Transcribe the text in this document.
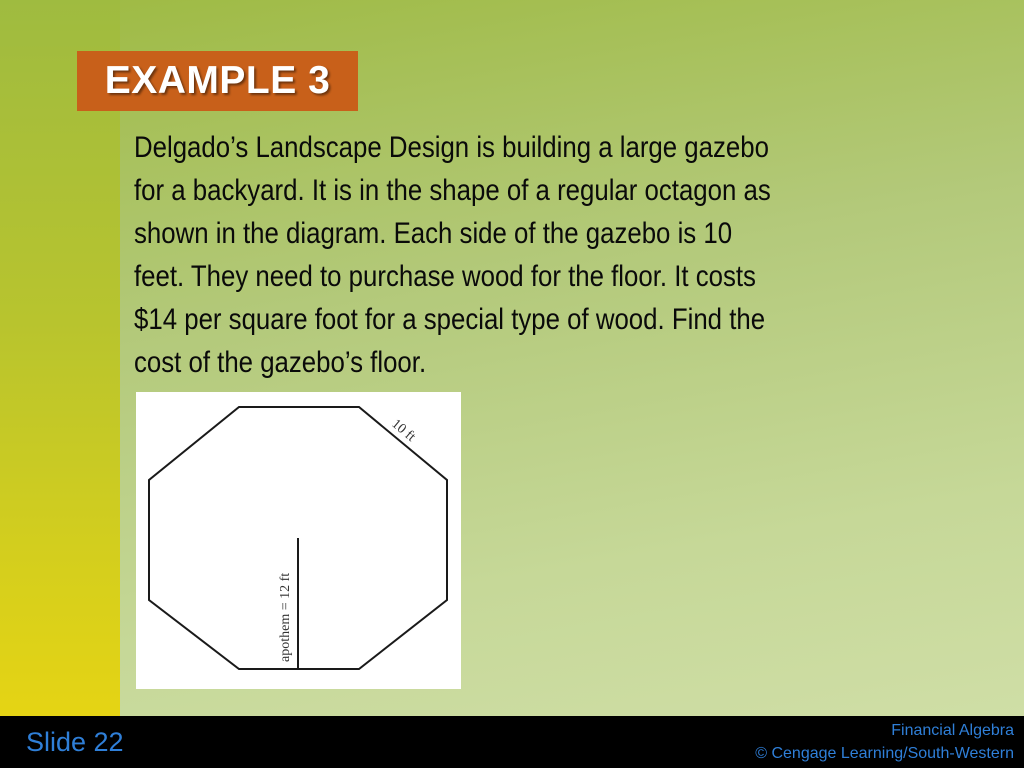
EXAMPLE 3
Delgado’s Landscape Design is building a large gazebo
for a backyard. It is in the shape of a regular octagon as
shown in the diagram. Each side of the gazebo is 10
feet. They need to purchase wood for the floor. It costs
$14 per square foot for a special type of wood. Find the
cost of the gazebo’s floor.
10 ft
apothem = 12 ft
Slide 22	Financial Algebra
© Cengage Learning/South-Western
